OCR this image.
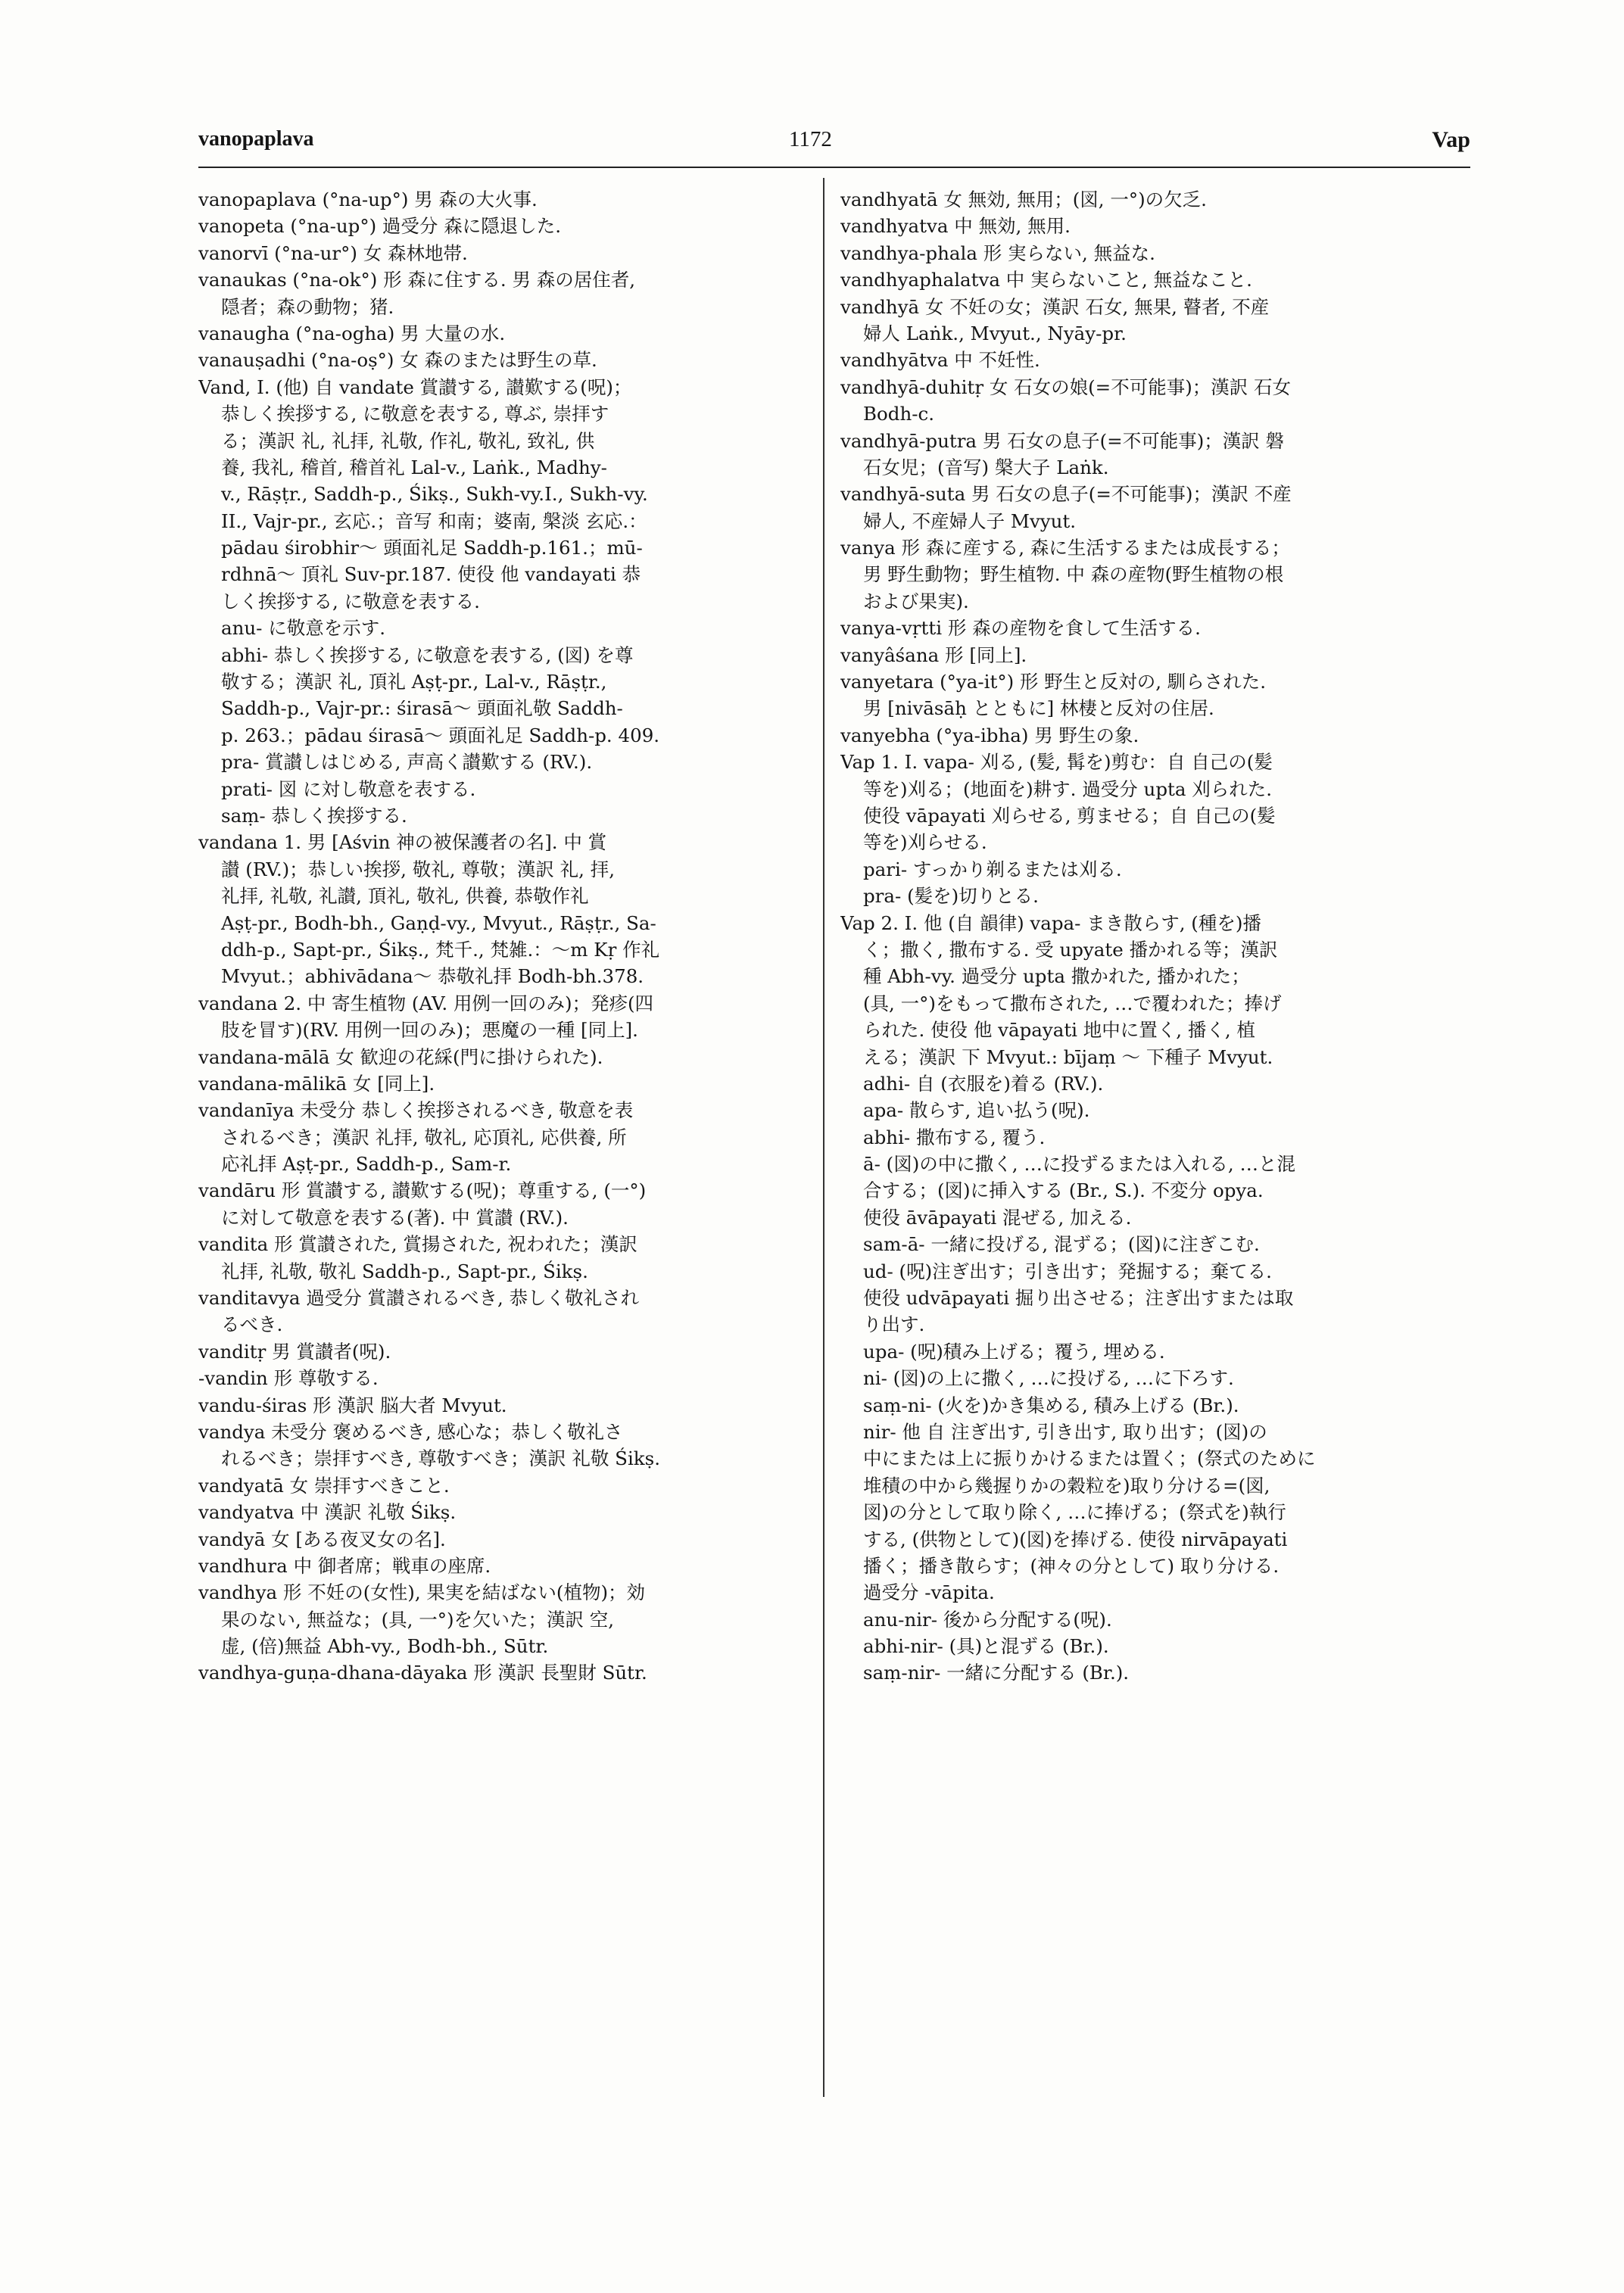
vanopaplava	1172	Vap
vanopaplava (°na-up°) 男 森の大火事.
vanopeta (°na-up°) 過受分 森に隠退した.
vanorvī (°na-ur°) 女 森林地帯.
vanaukas (°na-ok°) 形 森に住する. 男 森の居住者,
隠者；森の動物；猪.
vanaugha (°na-ogha) 男 大量の水.
vanauṣadhi (°na-oṣ°) 女 森のまたは野生の草.
Vand, I. (他) 自 vandate 賞讃する, 讃歎する(呪)；
恭しく挨拶する, に敬意を表する, 尊ぶ, 崇拝す
る；漢訳 礼, 礼拝, 礼敬, 作礼, 敬礼, 致礼, 供
養, 我礼, 稽首, 稽首礼 Lal-v., Laṅk., Madhy-
v., Rāṣṭr., Saddh-p., Śikṣ., Sukh-vy.I., Sukh-vy.
II., Vajr-pr., 玄応.；音写 和南；婆南, 槃淡 玄応.：
pādau śirobhir～ 頭面礼足 Saddh-p.161.；mū-
rdhnā～ 頂礼 Suv-pr.187. 使役 他 vandayati 恭
しく挨拶する, に敬意を表する.
anu- に敬意を示す.
abhi- 恭しく挨拶する, に敬意を表する, (図) を尊
敬する；漢訳 礼, 頂礼 Aṣṭ-pr., Lal-v., Rāṣṭr.,
Saddh-p., Vajr-pr.: śirasā～ 頭面礼敬 Saddh-
p. 263.；pādau śirasā～ 頭面礼足 Saddh-p. 409.
pra- 賞讃しはじめる, 声高く讃歎する (RV.).
prati- 図 に対し敬意を表する.
saṃ- 恭しく挨拶する.
vandana 1. 男 [Aśvin 神の被保護者の名]. 中 賞
讃 (RV.)；恭しい挨拶, 敬礼, 尊敬；漢訳 礼, 拝,
礼拝, 礼敬, 礼讃, 頂礼, 敬礼, 供養, 恭敬作礼
Aṣṭ-pr., Bodh-bh., Gaṇḍ-vy., Mvyut., Rāṣṭr., Sa-
ddh-p., Sapt-pr., Śikṣ., 梵千., 梵雑.：～m Kṛ 作礼
Mvyut.；abhivādana～ 恭敬礼拝 Bodh-bh.378.
vandana 2. 中 寄生植物 (AV. 用例一回のみ)；発疹(四
肢を冒す)(RV. 用例一回のみ)；悪魔の一種 [同上].
vandana-mālā 女 歓迎の花綵(門に掛けられた).
vandana-mālikā 女 [同上].
vandanīya 未受分 恭しく挨拶されるべき, 敬意を表
されるべき；漢訳 礼拝, 敬礼, 応頂礼, 応供養, 所
応礼拝 Aṣṭ-pr., Saddh-p., Sam-r.
vandāru 形 賞讃する, 讃歎する(呪)；尊重する, (一°)
に対して敬意を表する(著). 中 賞讃 (RV.).
vandita 形 賞讃された, 賞揚された, 祝われた；漢訳
礼拝, 礼敬, 敬礼 Saddh-p., Sapt-pr., Śikṣ.
vanditavya 過受分 賞讃されるべき, 恭しく敬礼され
るべき.
vanditṛ 男 賞讃者(呪).
-vandin 形 尊敬する.
vandu-śiras 形 漢訳 脳大者 Mvyut.
vandya 未受分 褒めるべき, 感心な；恭しく敬礼さ
れるべき；崇拝すべき, 尊敬すべき；漢訳 礼敬 Śikṣ.
vandyatā 女 崇拝すべきこと.
vandyatva 中 漢訳 礼敬 Śikṣ.
vandyā 女 [ある夜叉女の名].
vandhura 中 御者席；戦車の座席.
vandhya 形 不妊の(女性), 果実を結ばない(植物)；効
果のない, 無益な；(具, 一°)を欠いた；漢訳 空,
虚, (倍)無益 Abh-vy., Bodh-bh., Sūtr.
vandhya-guṇa-dhana-dāyaka 形 漢訳 長聖財 Sūtr.
vandhyatā 女 無効, 無用；(図, 一°)の欠乏.
vandhyatva 中 無効, 無用.
vandhya-phala 形 実らない, 無益な.
vandhyaphalatva 中 実らないこと, 無益なこと.
vandhyā 女 不妊の女；漢訳 石女, 無果, 瞽者, 不産
婦人 Laṅk., Mvyut., Nyāy-pr.
vandhyātva 中 不妊性.
vandhyā-duhitṛ 女 石女の娘(=不可能事)；漢訳 石女
Bodh-c.
vandhyā-putra 男 石女の息子(=不可能事)；漢訳 磐
石女児；(音写) 槃大子 Laṅk.
vandhyā-suta 男 石女の息子(=不可能事)；漢訳 不産
婦人, 不産婦人子 Mvyut.
vanya 形 森に産する, 森に生活するまたは成長する；
男 野生動物；野生植物. 中 森の産物(野生植物の根
および果実).
vanya-vṛtti 形 森の産物を食して生活する.
vanyâśana 形 [同上].
vanyetara (°ya-it°) 形 野生と反対の, 馴らされた.
男 [nivāsāḥ とともに] 林棲と反対の住居.
vanyebha (°ya-ibha) 男 野生の象.
Vap 1. I. vapa- 刈る, (髪, 髯を)剪む：自 自己の(髪
等を)刈る；(地面を)耕す. 過受分 upta 刈られた.
使役 vāpayati 刈らせる, 剪ませる；自 自己の(髪
等を)刈らせる.
pari- すっかり剃るまたは刈る.
pra- (髪を)切りとる.
Vap 2. I. 他 (自 韻律) vapa- まき散らす, (種を)播
く；撒く, 撒布する. 受 upyate 播かれる等；漢訳
種 Abh-vy. 過受分 upta 撒かれた, 播かれた；
(具, 一°)をもって撒布された, …で覆われた；捧げ
られた. 使役 他 vāpayati 地中に置く, 播く, 植
える；漢訳 下 Mvyut.: bījaṃ ～ 下種子 Mvyut.
adhi- 自 (衣服を)着る (RV.).
apa- 散らす, 追い払う(呪).
abhi- 撒布する, 覆う.
ā- (図)の中に撒く, …に投ずるまたは入れる, …と混
合する；(図)に挿入する (Br., S.). 不変分 opya.
使役 āvāpayati 混ぜる, 加える.
sam-ā- 一緒に投げる, 混ずる；(図)に注ぎこむ.
ud- (呪)注ぎ出す；引き出す；発掘する；棄てる.
使役 udvāpayati 掘り出させる；注ぎ出すまたは取
り出す.
upa- (呪)積み上げる；覆う, 埋める.
ni- (図)の上に撒く, …に投げる, …に下ろす.
saṃ-ni- (火を)かき集める, 積み上げる (Br.).
nir- 他 自 注ぎ出す, 引き出す, 取り出す；(図)の
中にまたは上に振りかけるまたは置く；(祭式のために
堆積の中から幾握りかの穀粒を)取り分ける=(図,
図)の分として取り除く, …に捧げる；(祭式を)執行
する, (供物として)(図)を捧げる. 使役 nirvāpayati
播く；播き散らす；(神々の分として) 取り分ける.
過受分 -vāpita.
anu-nir- 後から分配する(呪).
abhi-nir- (具)と混ずる (Br.).
saṃ-nir- 一緒に分配する (Br.).
